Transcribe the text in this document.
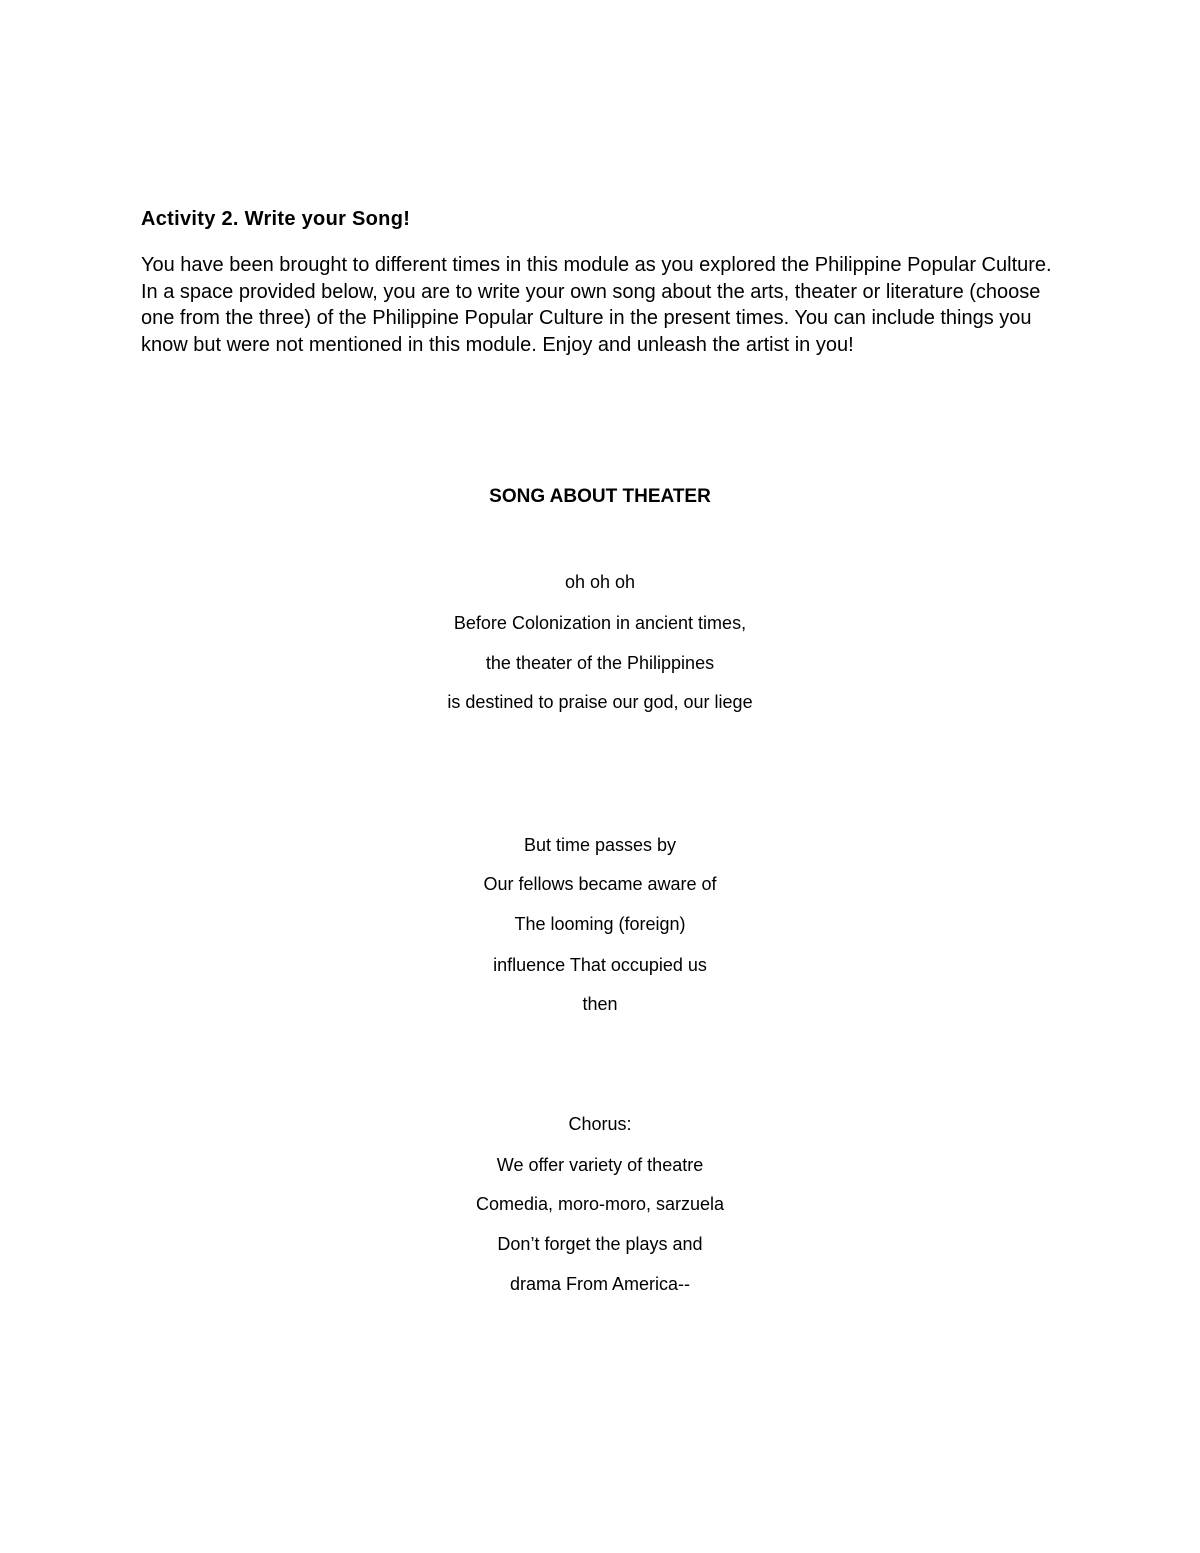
Activity 2. Write your Song!

You have been brought to different times in this module as you explored the Philippine Popular Culture. In a space provided below, you are to write your own song about the arts, theater or literature (choose one from the three) of the Philippine Popular Culture in the present times. You can include things you know but were not mentioned in this module. Enjoy and unleash the artist in you!

SONG ABOUT THEATER

oh oh oh

Before Colonization in ancient times,

the theater of the Philippines

is destined to praise our god, our liege

But time passes by

Our fellows became aware of

The looming (foreign)

influence That occupied us

then

Chorus:

We offer variety of theatre

Comedia, moro-moro, sarzuela

Don’t forget the plays and

drama From America--
